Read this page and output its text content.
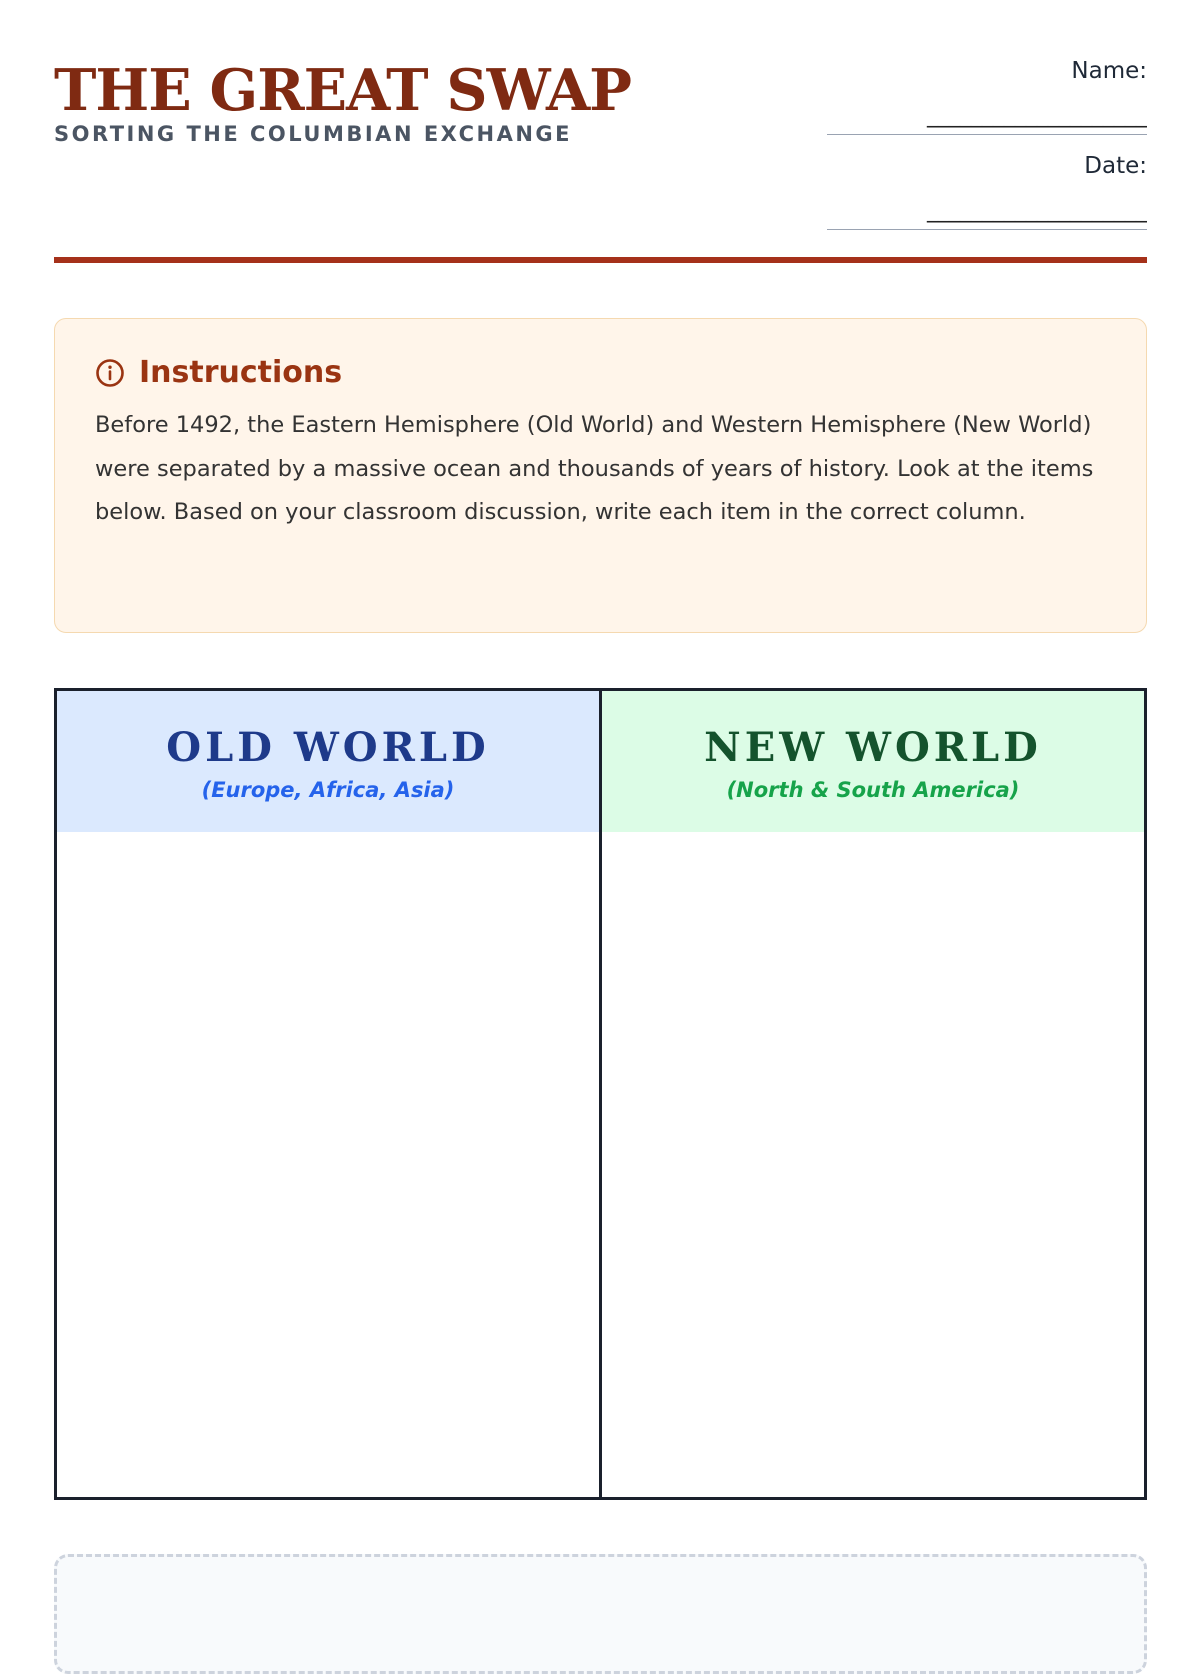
THE GREAT SWAP
SORTING THE COLUMBIAN EXCHANGE
Name:
____________________
Date:
____________________
Instructions

Before 1492, the Eastern Hemisphere (Old World) and Western Hemisphere (New World) were separated by a massive ocean and thousands of years of history. Look at the items below. Based on your classroom discussion, write each item in the correct column.

OLD WORLD
(Europe, Africa, Asia)
NEW WORLD
(North & South America)
